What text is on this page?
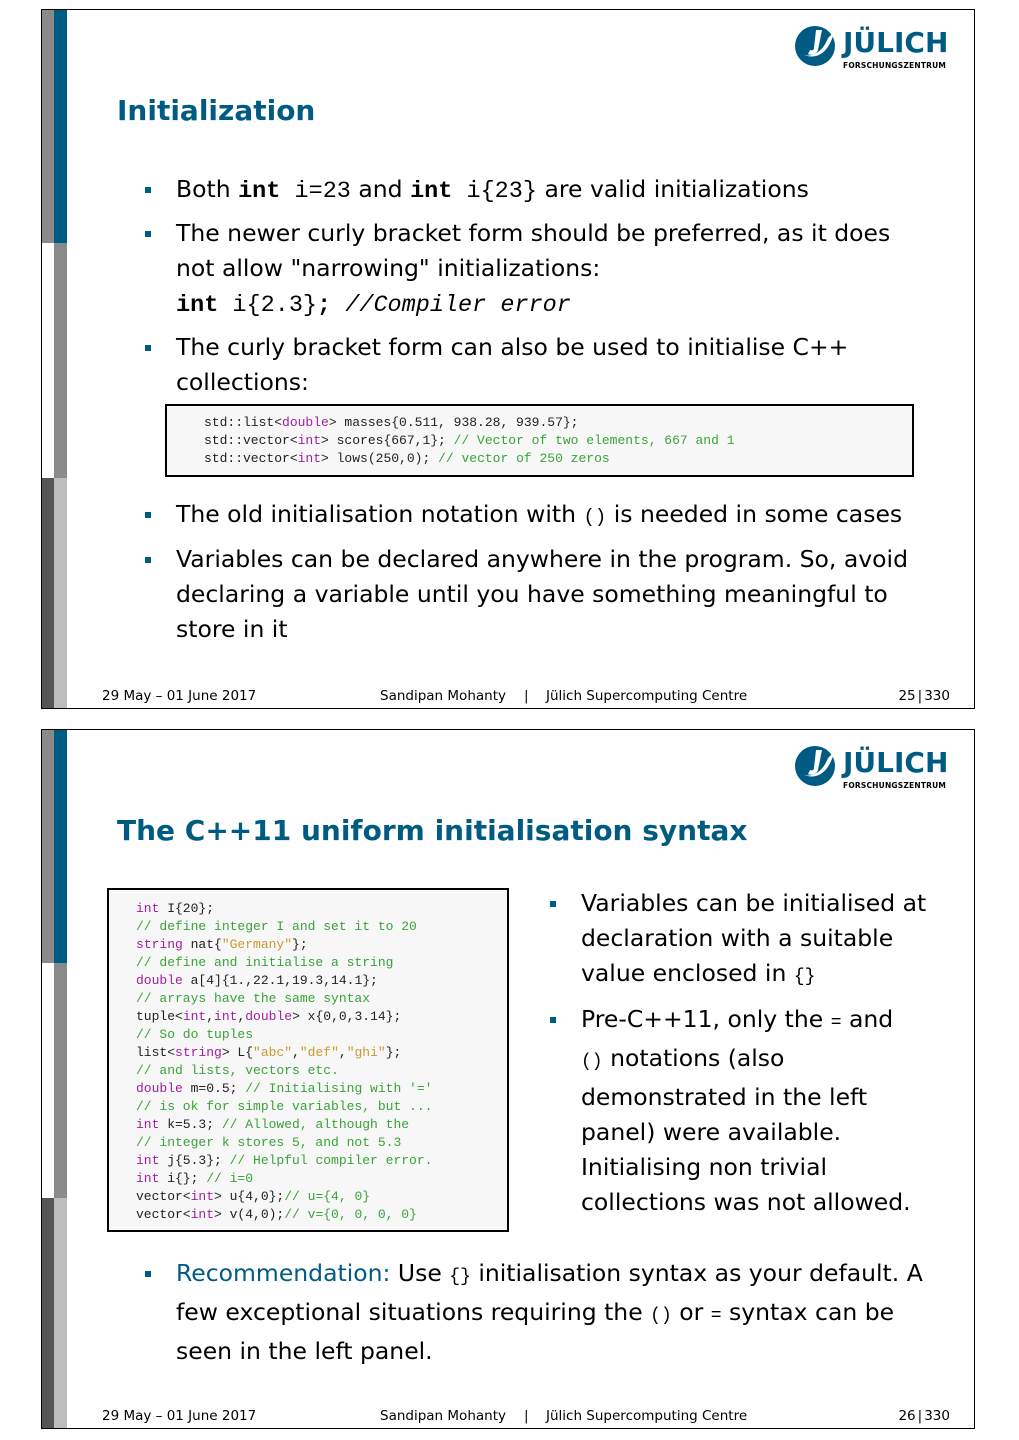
JÜLICH
FORSCHUNGSZENTRUM
Initialization
Both int i=23 and int i{23} are valid initializations
The newer curly bracket form should be preferred, as it does not allow "narrowing" initializations:
int i{2.3}; //Compiler error
The curly bracket form can also be used to initialise C++ collections:
std::list<double> masses{0.511, 938.28, 939.57};
std::vector<int> scores{667,1}; // Vector of two elements, 667 and 1
std::vector<int> lows(250,0); // vector of 250 zeros
The old initialisation notation with () is needed in some cases
Variables can be declared anywhere in the program. So, avoid declaring a variable until you have something meaningful to store in it
29 May – 01 June 2017	Sandipan Mohanty | Jülich Supercomputing Centre	25 | 330
JÜLICH
FORSCHUNGSZENTRUM
The C++11 uniform initialisation syntax
int I{20};
// define integer I and set it to 20
string nat{"Germany"};
// define and initialise a string
double a[4]{1.,22.1,19.3,14.1};
// arrays have the same syntax
tuple<int,int,double> x{0,0,3.14};
// So do tuples
list<string> L{"abc","def","ghi"};
// and lists, vectors etc.
double m=0.5; // Initialising with '='
// is ok for simple variables, but ...
int k=5.3; // Allowed, although the
// integer k stores 5, and not 5.3
int j{5.3}; // Helpful compiler error.
int i{}; // i=0
vector<int> u{4,0};// u={4, 0}
vector<int> v(4,0);// v={0, 0, 0, 0}
Variables can be initialised at declaration with a suitable value enclosed in {}
Pre-C++11, only the = and
() notations (also demonstrated in the left panel) were available. Initialising non trivial collections was not allowed.
Recommendation: Use {} initialisation syntax as your default. A few exceptional situations requiring the () or = syntax can be seen in the left panel.
29 May – 01 June 2017	Sandipan Mohanty | Jülich Supercomputing Centre	26 | 330
